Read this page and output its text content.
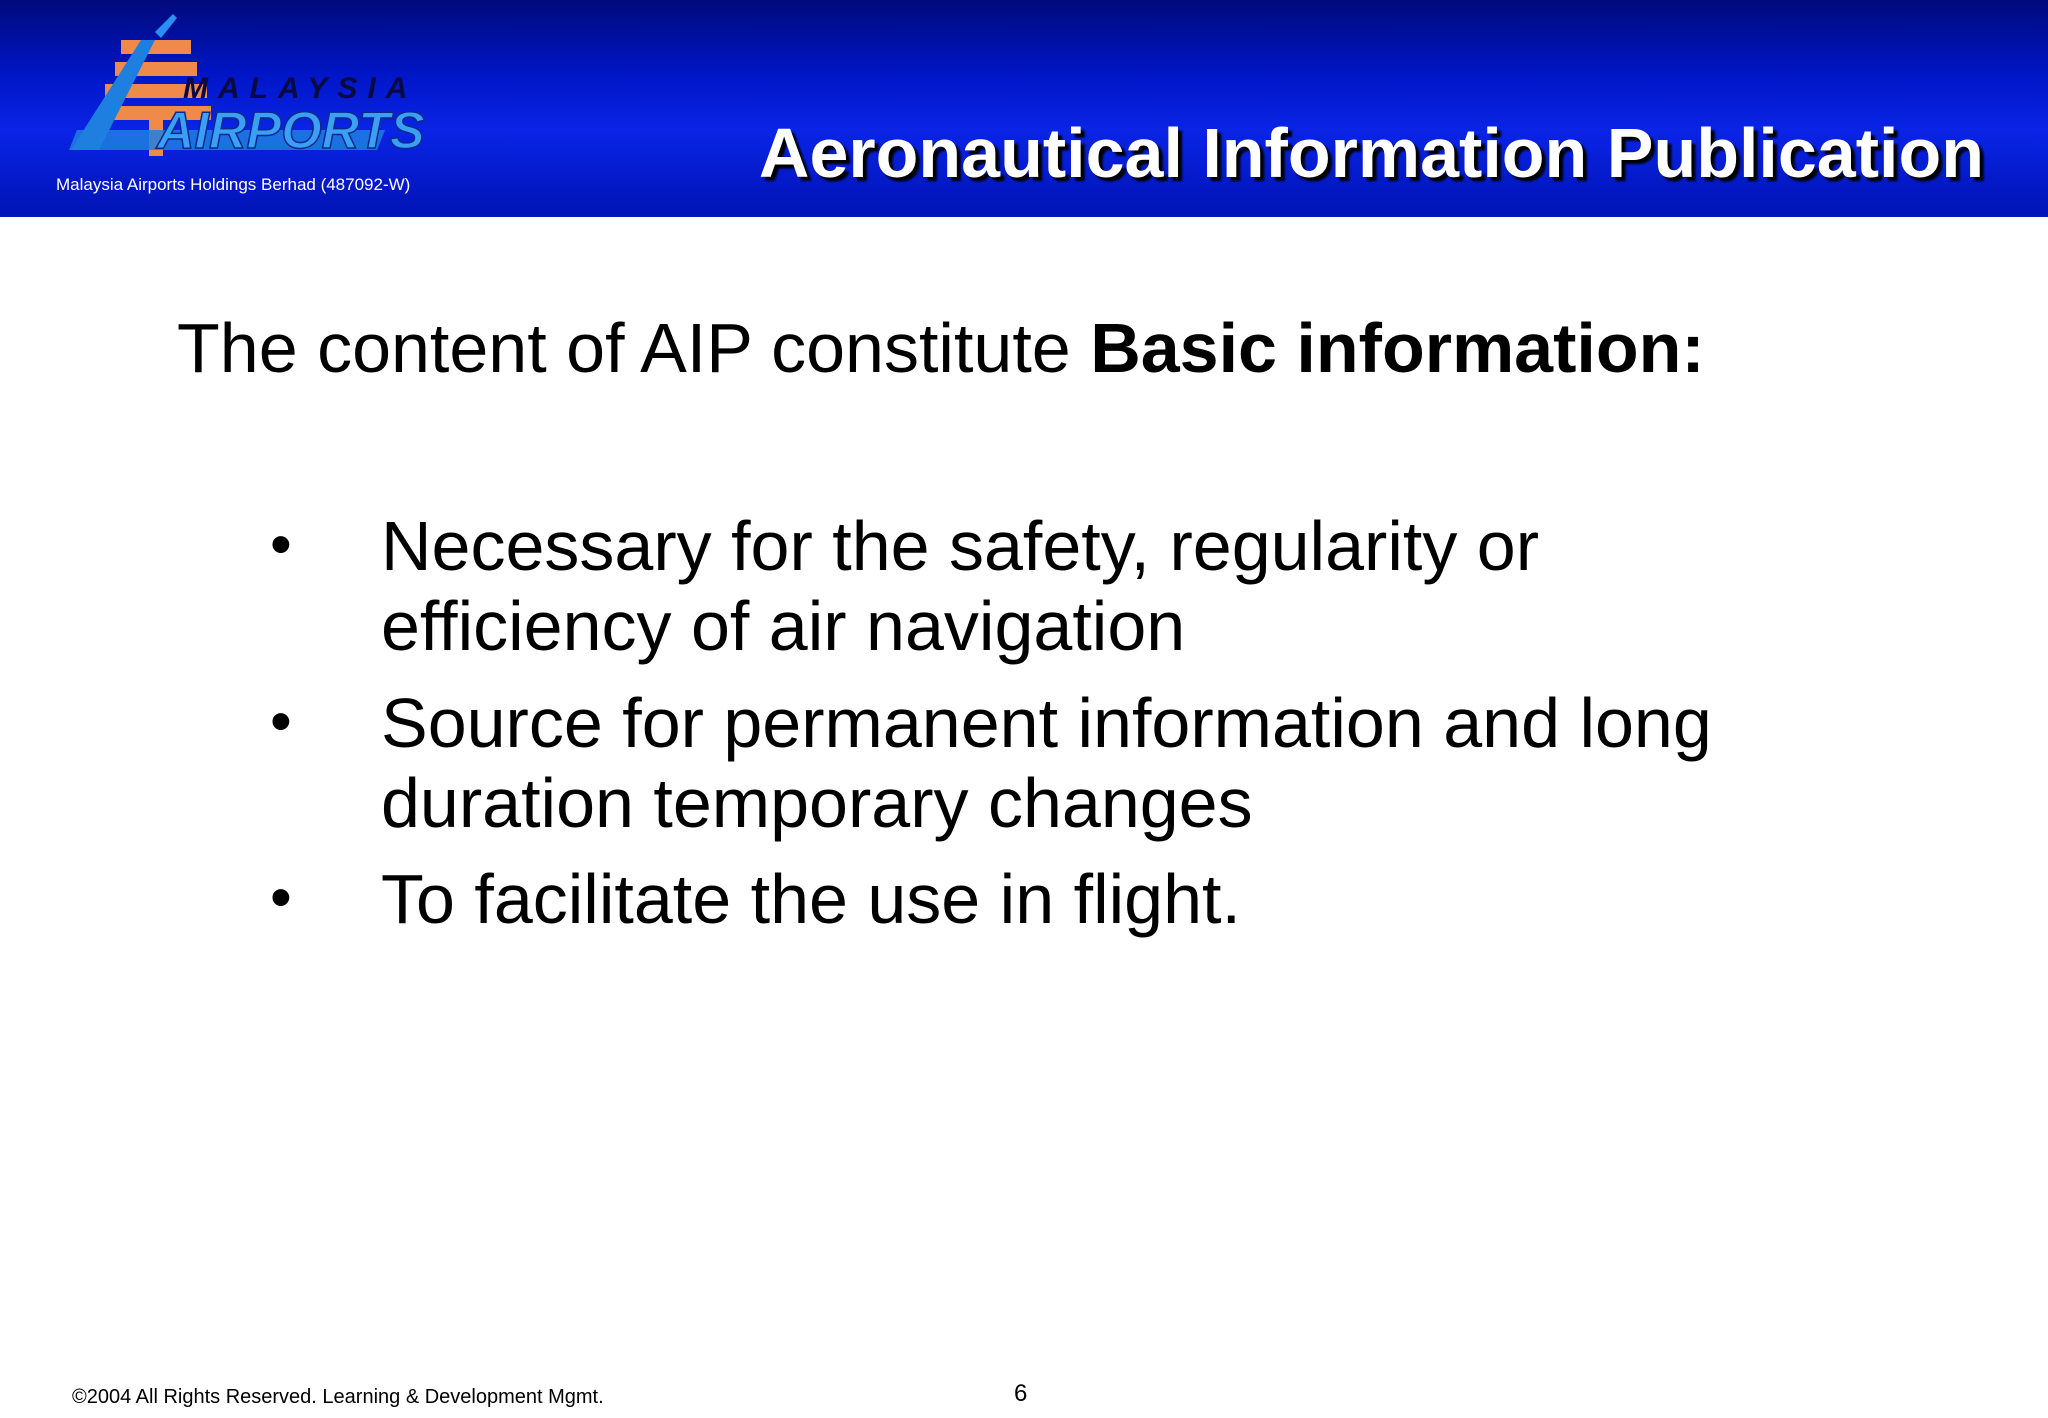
MALAYSIA
AIRPORTS
Malaysia Airports Holdings Berhad (487092-W)	Aeronautical Information Publication
The content of AIP constitute Basic information:
• Necessary for the safety, regularity or
efficiency of air navigation
• Source for permanent information and long
duration temporary changes
• To facilitate the use in flight.
©2004 All Rights Reserved. Learning & Development Mgmt.	6
